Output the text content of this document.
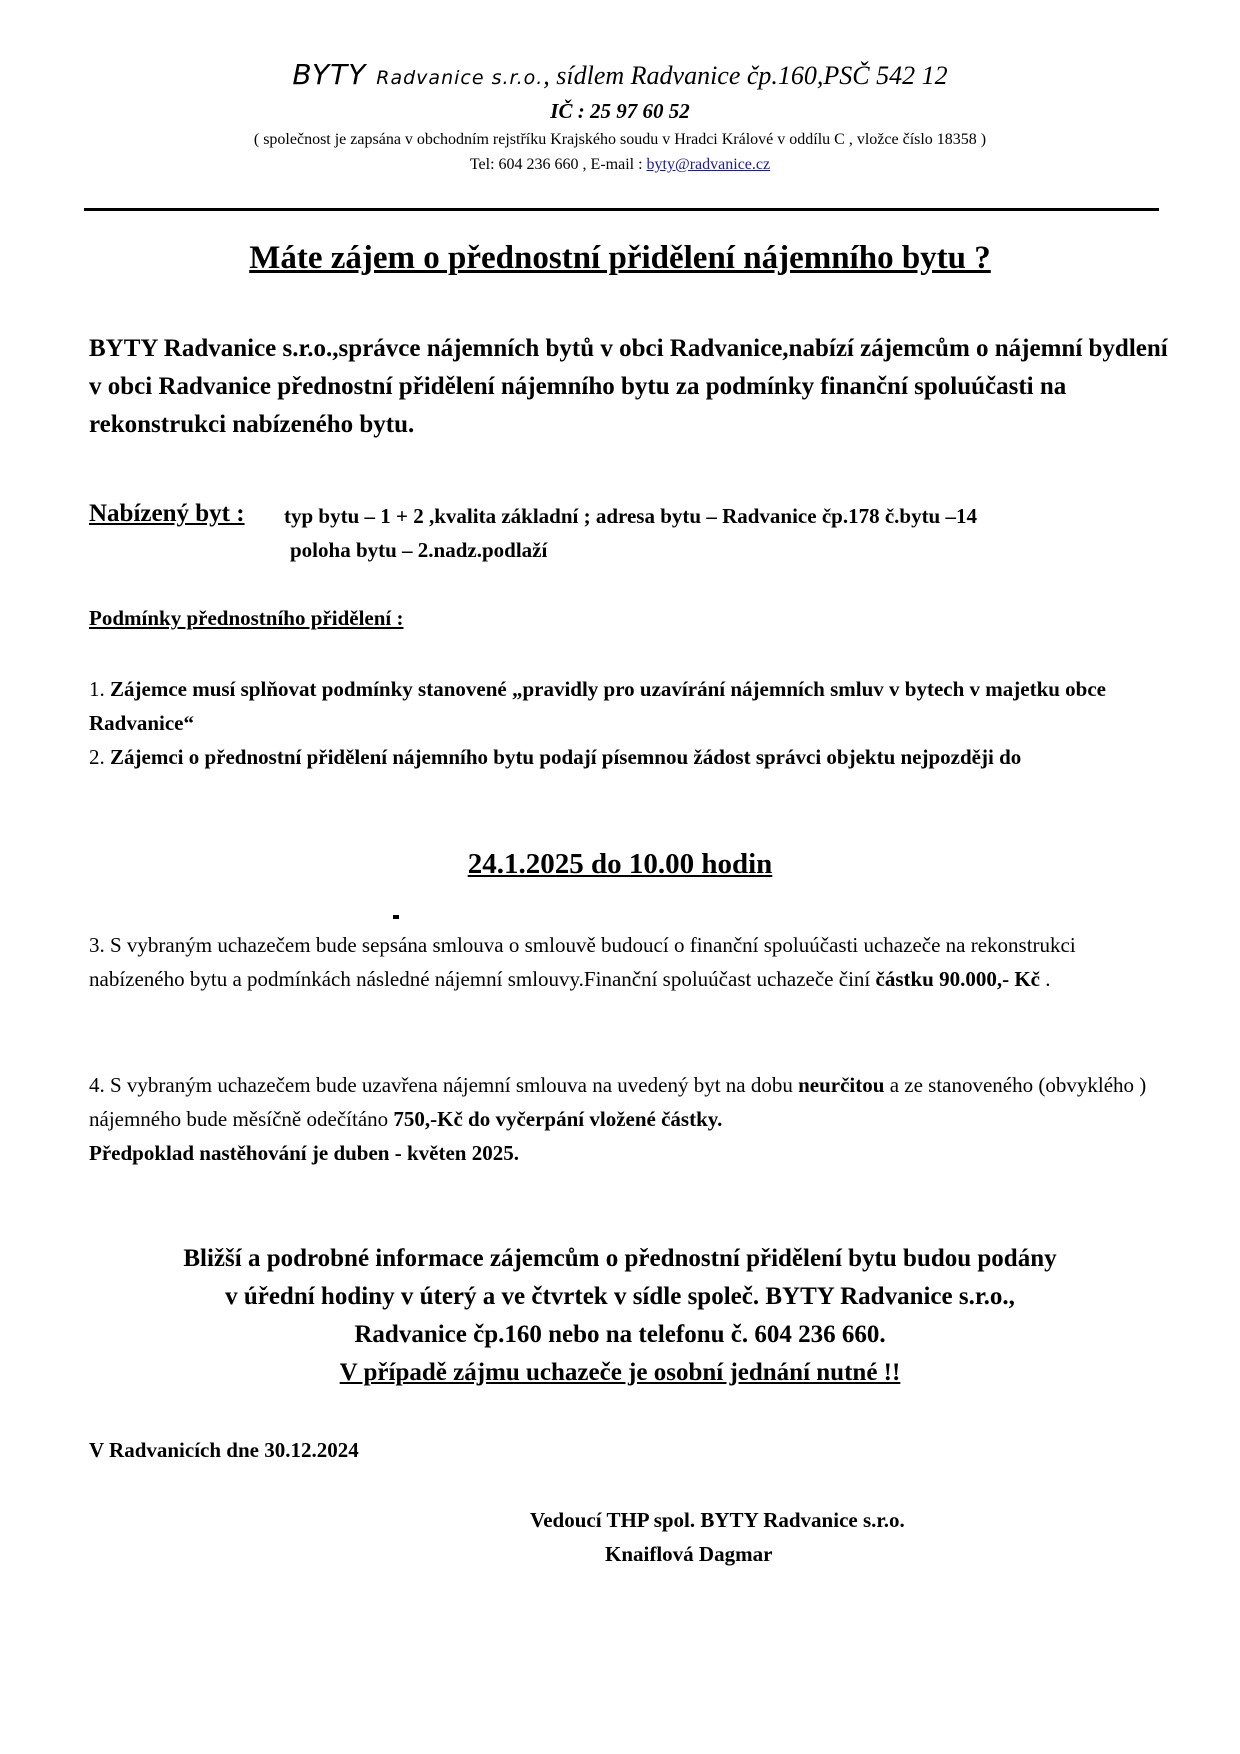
BYTY Radvanice s.r.o., sídlem Radvanice čp.160,PSČ 542 12
IČ : 25 97 60 52
( společnost je zapsána v obchodním rejstříku Krajského soudu v Hradci Králové v oddílu C , vložce číslo 18358 )
Tel: 604 236 660 , E-mail : byty@radvanice.cz
Máte zájem o přednostní přidělení nájemního bytu ?
BYTY Radvanice s.r.o.,správce nájemních bytů v obci Radvanice,nabízí zájemcům o nájemní bydlení v obci Radvanice přednostní přidělení nájemního bytu za podmínky finanční spoluúčasti na rekonstrukci nabízeného bytu.
Nabízený byt : typ bytu – 1 + 2 ,kvalita základní ; adresa bytu – Radvanice čp.178 č.bytu –14
poloha bytu – 2.nadz.podlaží
Podmínky přednostního přidělení :
1. Zájemce musí splňovat podmínky stanovené „pravidly pro uzavírání nájemních smluv v bytech v majetku obce Radvanice“
2. Zájemci o přednostní přidělení nájemního bytu podají písemnou žádost správci objektu nejpozději do
24.1.2025 do 10.00 hodin
3. S vybraným uchazečem bude sepsána smlouva o smlouvě budoucí o finanční spoluúčasti uchazeče na rekonstrukci nabízeného bytu a podmínkách následné nájemní smlouvy.Finanční spoluúčast uchazeče činí částku 90.000,- Kč .
4. S vybraným uchazečem bude uzavřena nájemní smlouva na uvedený byt na dobu neurčitou a ze stanoveného (obvyklého ) nájemného bude měsíčně odečítáno 750,-Kč do vyčerpání vložené částky.
Předpoklad nastěhování je duben - květen 2025.
Bližší a podrobné informace zájemcům o přednostní přidělení bytu budou podány
v úřední hodiny v úterý a ve čtvrtek v sídle společ. BYTY Radvanice s.r.o.,
Radvanice čp.160 nebo na telefonu č. 604 236 660.
V případě zájmu uchazeče je osobní jednání nutné !!
V Radvanicích dne 30.12.2024
Vedoucí THP spol. BYTY Radvanice s.r.o.
Knaiflová Dagmar
